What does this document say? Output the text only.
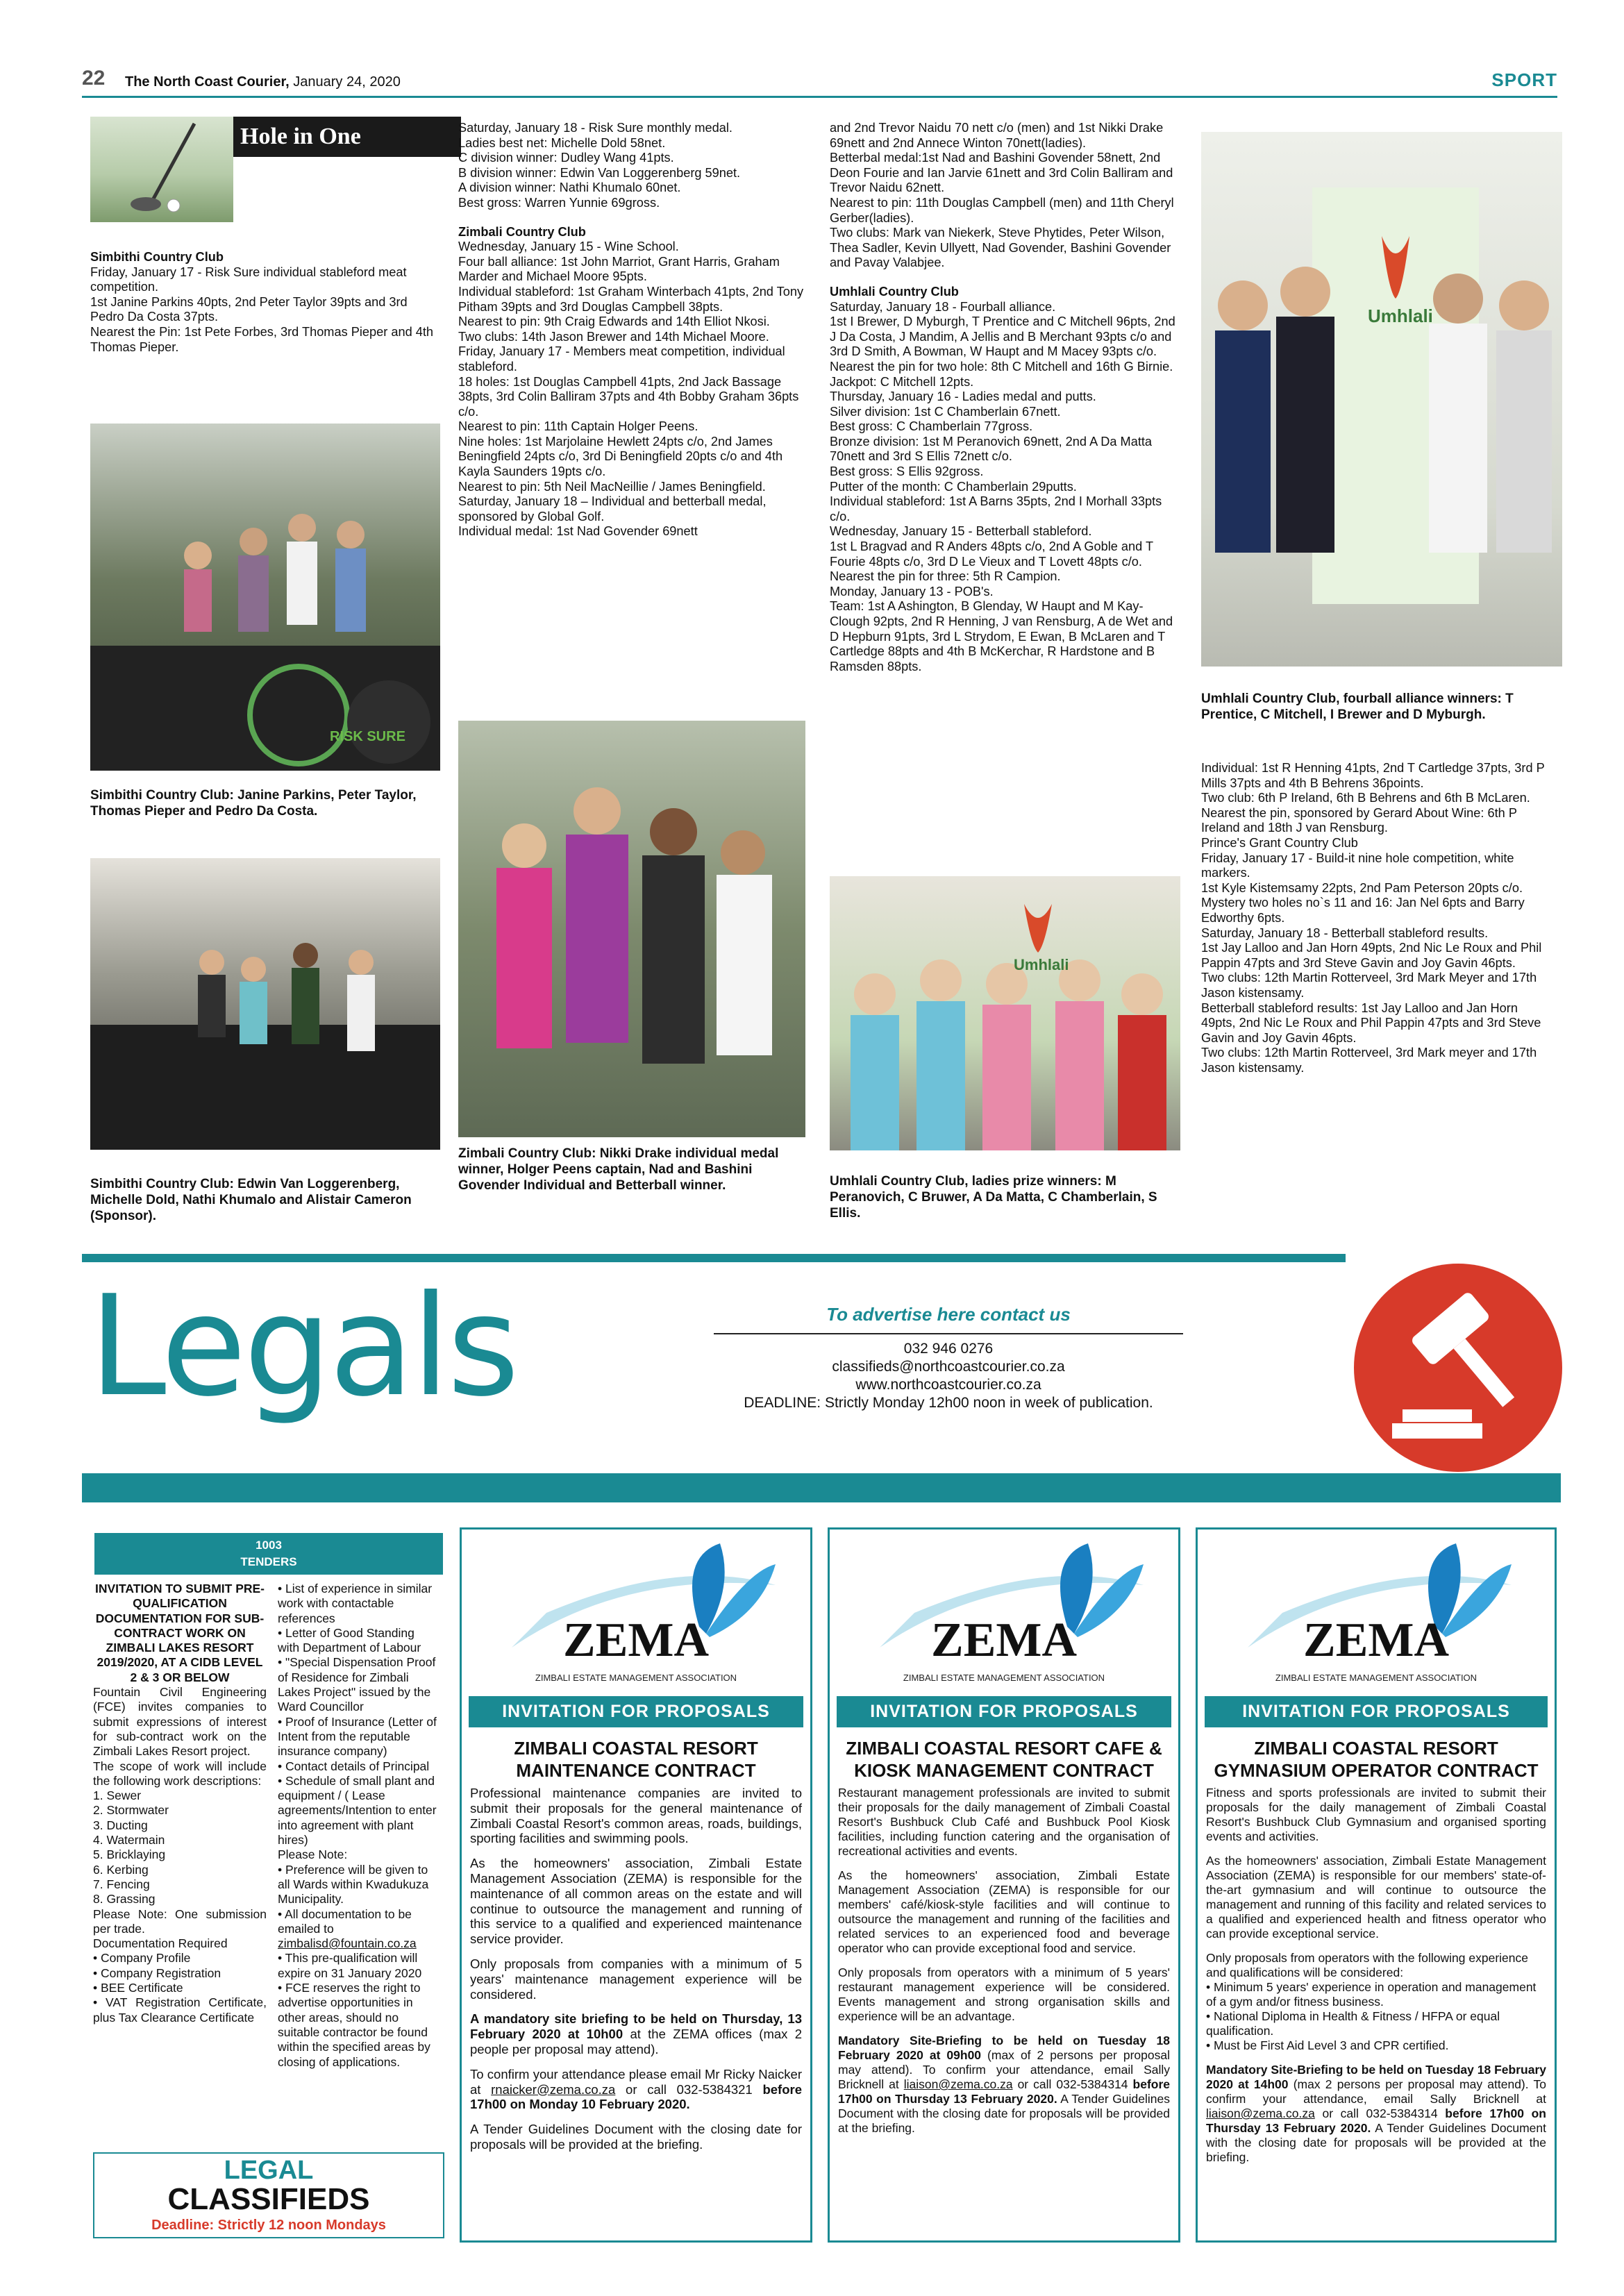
22 The North Coast Courier, January 24, 2020	SPORT
Hole in One

Simbithi Country Club

Friday, January 17 - Risk Sure individual stableford meat competition.
1st Janine Parkins 40pts, 2nd Peter Taylor 39pts and 3rd Pedro Da Costa 37pts.
Nearest the Pin: 1st Pete Forbes, 3rd Thomas Pieper and 4th Thomas Pieper.

RISK SURE
Simbithi Country Club: Janine Parkins, Peter Taylor, Thomas Pieper and Pedro Da Costa.
Simbithi Country Club: Edwin Van Loggerenberg, Michelle Dold, Nathi Khumalo and Alistair Cameron (Sponsor).

Saturday, January 18 - Risk Sure monthly medal.
Ladies best net: Michelle Dold 58net.
C division winner: Dudley Wang 41pts.
B division winner: Edwin Van Loggerenberg 59net.
A division winner: Nathi Khumalo 60net.
Best gross: Warren Yunnie 69gross.

Zimbali Country Club

Wednesday, January 15 - Wine School.
Four ball alliance: 1st John Marriot, Grant Harris, Graham Marder and Michael Moore 95pts.
Individual stableford: 1st Graham Winterbach 41pts, 2nd Tony Pitham 39pts and 3rd Douglas Campbell 38pts.
Nearest to pin: 9th Craig Edwards and 14th Elliot Nkosi.
Two clubs: 14th Jason Brewer and 14th Michael Moore.
Friday, January 17 - Members meat competition, individual stableford.
18 holes: 1st Douglas Campbell 41pts, 2nd Jack Bassage 38pts, 3rd Colin Balliram 37pts and 4th Bobby Graham 36pts c/o.
Nearest to pin: 11th Captain Holger Peens.
Nine holes: 1st Marjolaine Hewlett 24pts c/o, 2nd James Beningfield 24pts c/o, 3rd Di Beningfield 20pts c/o and 4th Kayla Saunders 19pts c/o.
Nearest to pin: 5th Neil MacNeillie / James Beningfield.
Saturday, January 18 – Individual and betterball medal, sponsored by Global Golf.
Individual medal: 1st Nad Govender 69nett

Zimbali Country Club: Nikki Drake individual medal winner, Holger Peens captain, Nad and Bashini Govender Individual and Betterball winner.

and 2nd Trevor Naidu 70 nett c/o (men) and 1st Nikki Drake 69nett and 2nd Annece Winton 70nett(ladies).
Betterbal medal:1st Nad and Bashini Govender 58nett, 2nd Deon Fourie and Ian Jarvie 61nett and 3rd Colin Balliram and Trevor Naidu 62nett.
Nearest to pin: 11th Douglas Campbell (men) and 11th Cheryl Gerber(ladies).
Two clubs: Mark van Niekerk, Steve Phytides, Peter Wilson, Thea Sadler, Kevin Ullyett, Nad Govender, Bashini Govender and Pavay Valabjee.

Umhlali Country Club

Saturday, January 18 - Fourball alliance.
1st I Brewer, D Myburgh, T Prentice and C Mitchell 96pts, 2nd J Da Costa, J Mandim, A Jellis and B Merchant 93pts c/o and 3rd D Smith, A Bowman, W Haupt and M Macey 93pts c/o.
Nearest the pin for two hole: 8th C Mitchell and 16th G Birnie.
Jackpot: C Mitchell 12pts.
Thursday, January 16 - Ladies medal and putts.
Silver division: 1st C Chamberlain 67nett.
Best gross: C Chamberlain 77gross.
Bronze division: 1st M Peranovich 69nett, 2nd A Da Matta 70nett and 3rd S Ellis 72nett c/o.
Best gross: S Ellis 92gross.
Putter of the month: C Chamberlain 29putts.
Individual stableford: 1st A Barns 35pts, 2nd I Morhall 33pts c/o.
Wednesday, January 15 - Betterball stableford.
1st L Bragvad and R Anders 48pts c/o, 2nd A Goble and T Fourie 48pts c/o, 3rd D Le Vieux and T Lovett 48pts c/o.
Nearest the pin for three: 5th R Campion.
Monday, January 13 - POB's.
Team: 1st A Ashington, B Glenday, W Haupt and M Kay-Clough 92pts, 2nd R Henning, J van Rensburg, A de Wet and D Hepburn 91pts, 3rd L Strydom, E Ewan, B McLaren and T Cartledge 88pts and 4th B McKerchar, R Hardstone and B Ramsden 88pts.

Umhlali
Umhlali Country Club, ladies prize winners: M Peranovich, C Bruwer, A Da Matta, C Chamberlain, S Ellis.
Umhlali
Umhlali Country Club, fourball alliance winners: T Prentice, C Mitchell, I Brewer and D Myburgh.

Individual: 1st R Henning 41pts, 2nd T Cartledge 37pts, 3rd P Mills 37pts and 4th B Behrens 36points.
Two club: 6th P Ireland, 6th B Behrens and 6th B McLaren.
Nearest the pin, sponsored by Gerard About Wine: 6th P Ireland and 18th J van Rensburg.
Prince's Grant Country Club
Friday, January 17 - Build-it nine hole competition, white markers.
1st Kyle Kistemsamy 22pts, 2nd Pam Peterson 20pts c/o.
Mystery two holes no`s 11 and 16: Jan Nel 6pts and Barry Edworthy 6pts.
Saturday, January 18 - Betterball stableford results.
1st Jay Lalloo and Jan Horn 49pts, 2nd Nic Le Roux and Phil Pappin 47pts and 3rd Steve Gavin and Joy Gavin 46pts.
Two clubs: 12th Martin Rotterveel, 3rd Mark Meyer and 17th Jason kistensamy.
Betterball stableford results: 1st Jay Lalloo and Jan Horn 49pts, 2nd Nic Le Roux and Phil Pappin 47pts and 3rd Steve Gavin and Joy Gavin 46pts.
Two clubs: 12th Martin Rotterveel, 3rd Mark meyer and 17th Jason kistensamy.

Legals	To advertise here contact us
032 946 0276
classifieds@northcoastcourier.co.za
www.northcoastcourier.co.za
DEADLINE: Strictly Monday 12h00 noon in week of publication.
1003
TENDERS

INVITATION TO SUBMIT PRE-QUALIFICATION DOCUMENTATION FOR SUB-CONTRACT WORK ON ZIMBALI LAKES RESORT 2019/2020, AT A CIDB LEVEL 2 & 3 OR BELOW

Fountain Civil Engineering (FCE) invites companies to submit expressions of interest for sub-contract work on the Zimbali Lakes Resort project.
The scope of work will include the following work descriptions:
1. Sewer
2. Stormwater
3. Ducting
4. Watermain
5. Bricklaying
6. Kerbing
7. Fencing
8. Grassing
Please Note: One submission per trade.
Documentation Required
• Company Profile
• Company Registration
• BEE Certificate
• VAT Registration Certificate, plus Tax Clearance Certificate

• List of experience in similar work with contactable references
• Letter of Good Standing with Department of Labour
• "Special Dispensation Proof of Residence for Zimbali Lakes Project" issued by the Ward Councillor
• Proof of Insurance (Letter of Intent from the reputable insurance company)
• Contact details of Principal
• Schedule of small plant and equipment / ( Lease agreements/Intention to enter into agreement with plant hires)
Please Note:
• Preference will be given to all Wards within Kwadukuza Municipality.
• All documentation to be emailed to zimbalisd@fountain.co.za

• This pre-qualification will expire on 31 January 2020
• FCE reserves the right to advertise opportunities in other areas, should no suitable contractor be found within the specified areas by closing of applications.

LEGAL
CLASSIFIEDS
Deadline: Strictly 12 noon Mondays
ZEMA
ZIMBALI ESTATE MANAGEMENT ASSOCIATION
INVITATION FOR PROPOSALS
ZIMBALI COASTAL RESORT MAINTENANCE CONTRACT

Professional maintenance companies are invited to submit their proposals for the general maintenance of Zimbali Coastal Resort's common areas, roads, buildings, sporting facilities and swimming pools.

As the homeowners' association, Zimbali Estate Management Association (ZEMA) is responsible for the maintenance of all common areas on the estate and will continue to outsource the management and running of this service to a qualified and experienced maintenance service provider.

Only proposals from companies with a minimum of 5 years' maintenance management experience will be considered.

A mandatory site briefing to be held on Thursday, 13 February 2020 at 10h00 at the ZEMA offices (max 2 people per proposal may attend).

To confirm your attendance please email Mr Ricky Naicker at rnaicker@zema.co.za or call 032-5384321 before 17h00 on Monday 10 February 2020.

A Tender Guidelines Document with the closing date for proposals will be provided at the briefing.

ZEMA
ZIMBALI ESTATE MANAGEMENT ASSOCIATION
INVITATION FOR PROPOSALS
ZIMBALI COASTAL RESORT CAFE & KIOSK MANAGEMENT CONTRACT

Restaurant management professionals are invited to submit their proposals for the daily management of Zimbali Coastal Resort's Bushbuck Club Café and Bushbuck Pool Kiosk facilities, including function catering and the organisation of recreational activities and events.

As the homeowners' association, Zimbali Estate Management Association (ZEMA) is responsible for our members' café/kiosk-style facilities and will continue to outsource the management and running of the facilities and related services to an experienced food and beverage operator who can provide exceptional food and service.

Only proposals from operators with a minimum of 5 years' restaurant management experience will be considered. Events management and strong organisation skills and experience will be an advantage.

Mandatory Site-Briefing to be held on Tuesday 18 February 2020 at 09h00 (max of 2 persons per proposal may attend). To confirm your attendance, email Sally Bricknell at liaison@zema.co.za or call 032-5384314 before 17h00 on Thursday 13 February 2020. A Tender Guidelines Document with the closing date for proposals will be provided at the briefing.

ZEMA
ZIMBALI ESTATE MANAGEMENT ASSOCIATION
INVITATION FOR PROPOSALS
ZIMBALI COASTAL RESORT GYMNASIUM OPERATOR CONTRACT

Fitness and sports professionals are invited to submit their proposals for the daily management of Zimbali Coastal Resort's Bushbuck Club Gymnasium and organised sporting events and activities.

As the homeowners' association, Zimbali Estate Management Association (ZEMA) is responsible for our members' state-of-the-art gymnasium and will continue to outsource the management and running of this facility and related services to a qualified and experienced health and fitness operator who can provide exceptional service.

Only proposals from operators with the following experience and qualifications will be considered:
• Minimum 5 years' experience in operation and management of a gym and/or fitness business.
• National Diploma in Health & Fitness / HFPA or equal qualification.
• Must be First Aid Level 3 and CPR certified.

Mandatory Site-Briefing to be held on Tuesday 18 February 2020 at 14h00 (max 2 persons per proposal may attend). To confirm your attendance, email Sally Bricknell at liaison@zema.co.za or call 032-5384314 before 17h00 on Thursday 13 February 2020. A Tender Guidelines Document with the closing date for proposals will be provided at the briefing.
